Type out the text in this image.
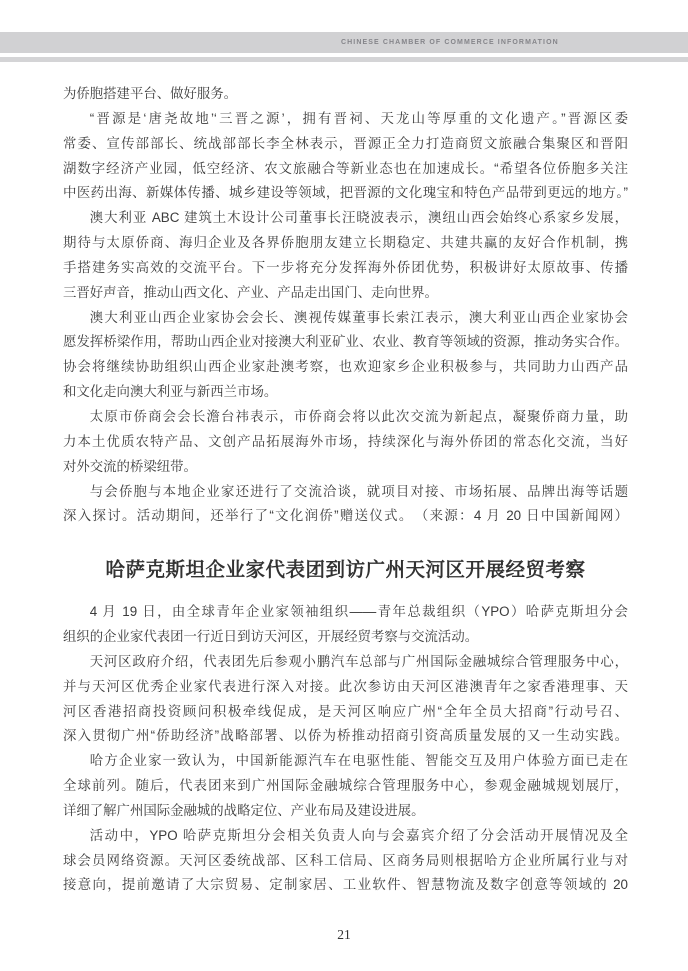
CHINESE CHAMBER OF COMMERCE INFORMATION
为侨胞搭建平台、做好服务。
“晋源是‘唐尧故地’‘三晋之源’，拥有晋祠、天龙山等厚重的文化遗产。”晋源区委
常委、宣传部部长、统战部部长李全林表示，晋源正全力打造商贸文旅融合集聚区和晋阳
湖数字经济产业园，低空经济、农文旅融合等新业态也在加速成长。“希望各位侨胞多关注
中医药出海、新媒体传播、城乡建设等领域，把晋源的文化瑰宝和特色产品带到更远的地方。”
澳大利亚 ABC 建筑土木设计公司董事长汪晓波表示，澳纽山西会始终心系家乡发展，
期待与太原侨商、海归企业及各界侨胞朋友建立长期稳定、共建共赢的友好合作机制，携
手搭建务实高效的交流平台。下一步将充分发挥海外侨团优势，积极讲好太原故事、传播
三晋好声音，推动山西文化、产业、产品走出国门、走向世界。
澳大利亚山西企业家协会会长、澳视传媒董事长索江表示，澳大利亚山西企业家协会
愿发挥桥梁作用，帮助山西企业对接澳大利亚矿业、农业、教育等领域的资源，推动务实合作。
协会将继续协助组织山西企业家赴澳考察，也欢迎家乡企业积极参与，共同助力山西产品
和文化走向澳大利亚与新西兰市场。
太原市侨商会会长澹台祎表示，市侨商会将以此次交流为新起点，凝聚侨商力量，助
力本土优质农特产品、文创产品拓展海外市场，持续深化与海外侨团的常态化交流，当好
对外交流的桥梁纽带。
与会侨胞与本地企业家还进行了交流洽谈，就项目对接、市场拓展、品牌出海等话题
深入探讨。活动期间，还举行了“文化润侨”赠送仪式。　（来源：4 月 20 日中国新闻网）
哈萨克斯坦企业家代表团到访广州天河区开展经贸考察
4 月 19 日，由全球青年企业家领袖组织——青年总裁组织（YPO）哈萨克斯坦分会
组织的企业家代表团一行近日到访天河区，开展经贸考察与交流活动。
天河区政府介绍，代表团先后参观小鹏汽车总部与广州国际金融城综合管理服务中心，
并与天河区优秀企业家代表进行深入对接。此次参访由天河区港澳青年之家香港理事、天
河区香港招商投资顾问积极牵线促成，是天河区响应广州“全年全员大招商”行动号召、
深入贯彻广州“侨助经济”战略部署、以侨为桥推动招商引资高质量发展的又一生动实践。
哈方企业家一致认为，中国新能源汽车在电驱性能、智能交互及用户体验方面已走在
全球前列。随后，代表团来到广州国际金融城综合管理服务中心，参观金融城规划展厅，
详细了解广州国际金融城的战略定位、产业布局及建设进展。
活动中，YPO 哈萨克斯坦分会相关负责人向与会嘉宾介绍了分会活动开展情况及全
球会员网络资源。天河区委统战部、区科工信局、区商务局则根据哈方企业所属行业与对
接意向，提前邀请了大宗贸易、定制家居、工业软件、智慧物流及数字创意等领域的 20
21
